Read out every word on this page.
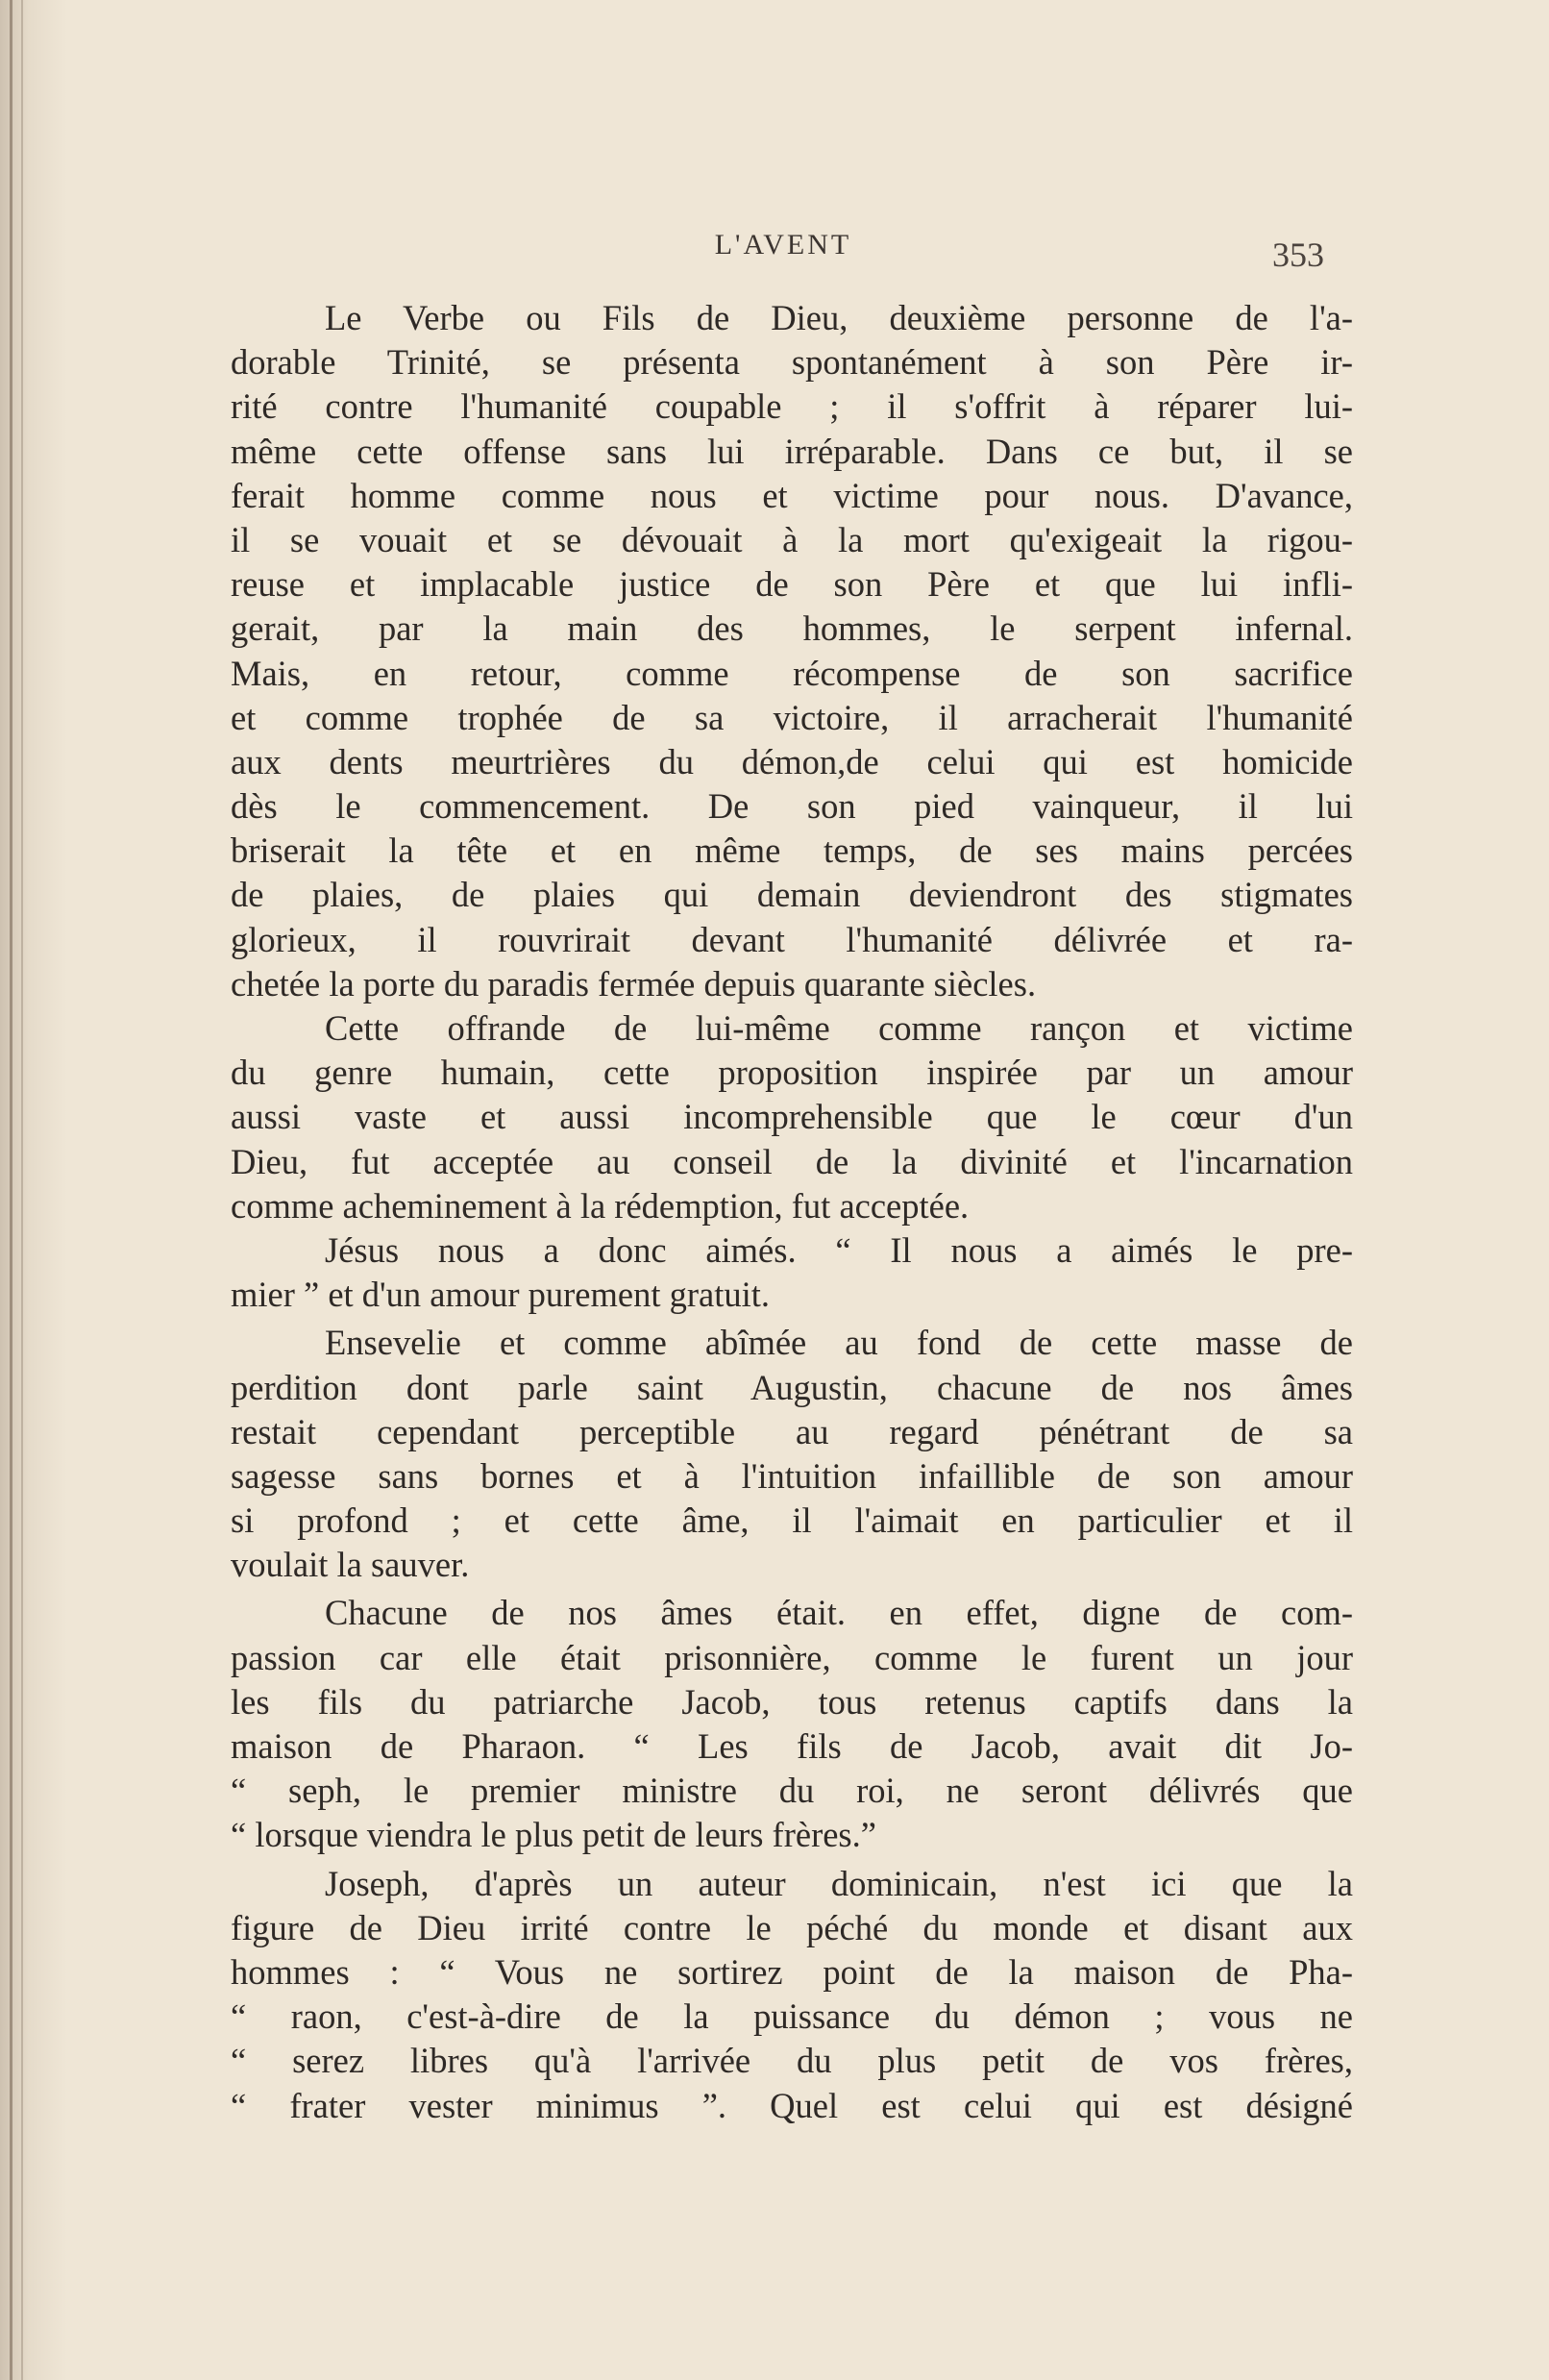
L'AVENT	353
Le Verbe ou Fils de Dieu, deuxième personne de l'a-
dorable Trinité, se présenta spontanément à son Père ir-
rité contre l'humanité coupable ; il s'offrit à réparer lui-
même cette offense sans lui irréparable. Dans ce but, il se
ferait homme comme nous et victime pour nous. D'avance,
il se vouait et se dévouait à la mort qu'exigeait la rigou-
reuse et implacable justice de son Père et que lui infli-
gerait, par la main des hommes, le serpent infernal.
Mais, en retour, comme récompense de son sacrifice
et comme trophée de sa victoire, il arracherait l'humanité
aux dents meurtrières du démon,de celui qui est homicide
dès le commencement. De son pied vainqueur, il lui
briserait la tête et en même temps, de ses mains percées
de plaies, de plaies qui demain deviendront des stigmates
glorieux, il rouvrirait devant l'humanité délivrée et ra-
chetée la porte du paradis fermée depuis quarante siècles.
Cette offrande de lui-même comme rançon et victime
du genre humain, cette proposition inspirée par un amour
aussi vaste et aussi incomprehensible que le cœur d'un
Dieu, fut acceptée au conseil de la divinité et l'incarnation
comme acheminement à la rédemption, fut acceptée.
Jésus nous a donc aimés. “ Il nous a aimés le pre-
mier ” et d'un amour purement gratuit.
Ensevelie et comme abîmée au fond de cette masse de
perdition dont parle saint Augustin, chacune de nos âmes
restait cependant perceptible au regard pénétrant de sa
sagesse sans bornes et à l'intuition infaillible de son amour
si profond ; et cette âme, il l'aimait en particulier et il
voulait la sauver.
Chacune de nos âmes était. en effet, digne de com-
passion car elle était prisonnière, comme le furent un jour
les fils du patriarche Jacob, tous retenus captifs dans la
maison de Pharaon. “ Les fils de Jacob, avait dit Jo-
“ seph, le premier ministre du roi, ne seront délivrés que
“ lorsque viendra le plus petit de leurs frères.”
Joseph, d'après un auteur dominicain, n'est ici que la
figure de Dieu irrité contre le péché du monde et disant aux
hommes : “ Vous ne sortirez point de la maison de Pha-
“ raon, c'est-à-dire de la puissance du démon ; vous ne
“ serez libres qu'à l'arrivée du plus petit de vos frères,
“ frater vester minimus ”. Quel est celui qui est désigné
